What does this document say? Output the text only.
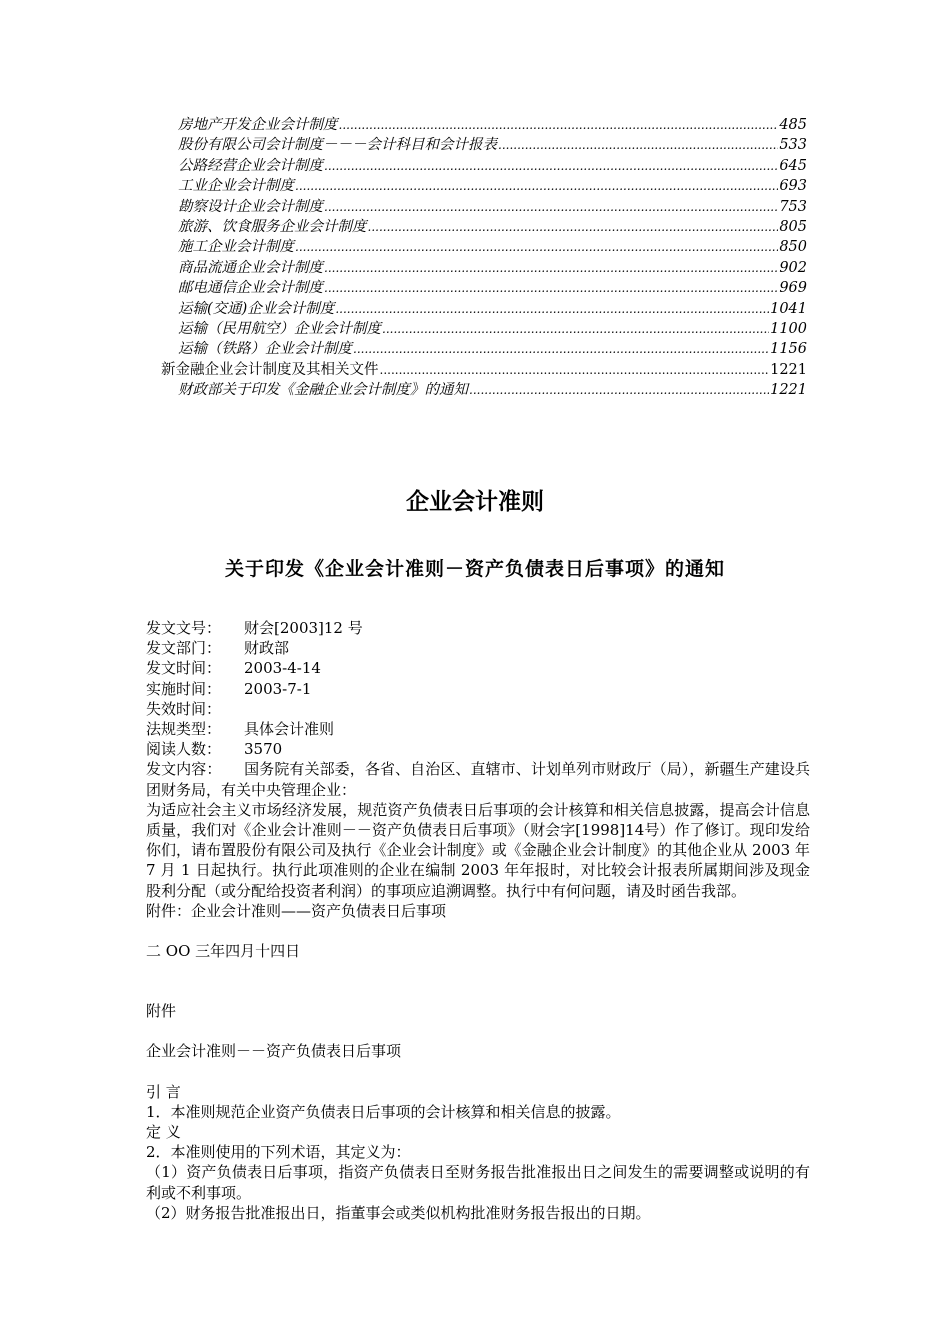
房地产开发企业会计制度 .....	485
股份有限公司会计制度－－－会计科目和会计报表 .....	533
公路经营企业会计制度 .....	645
工业企业会计制度 .....	693
勘察设计企业会计制度 .....	753
旅游、饮食服务企业会计制度 .....	805
施工企业会计制度 .....	850
商品流通企业会计制度 .....	902
邮电通信企业会计制度 .....	969
运输(交通)企业会计制度 .....	1041
运输（民用航空）企业会计制度 .....	1100
运输（铁路）企业会计制度 .....	1156
新金融企业会计制度及其相关文件 .....	1221
财政部关于印发《金融企业会计制度》的通知 .....	1221
企业会计准则
关于印发《企业会计准则－资产负债表日后事项》的通知
发文文号：	财会[2003]12 号
发文部门：	财政部
发文时间：	2003-4-14
实施时间：	2003-7-1
失效时间：
法规类型：	具体会计准则
阅读人数：	3570
发文内容：　　国务院有关部委，各省、自治区、直辖市、计划单列市财政厅（局），新疆生产建设兵团财务局，有关中央管理企业：
为适应社会主义市场经济发展，规范资产负债表日后事项的会计核算和相关信息披露，提高会计信息质量，我们对《企业会计准则－－资产负债表日后事项》（财会字[1998]14号）作了修订。现印发给你们，请布置股份有限公司及执行《企业会计制度》或《金融企业会计制度》的其他企业从 2003 年 7 月 1 日起执行。执行此项准则的企业在编制 2003 年年报时，对比较会计报表所属期间涉及现金股利分配（或分配给投资者利润）的事项应追溯调整。执行中有何问题，请及时函告我部。
附件：企业会计准则——资产负债表日后事项
二 OO 三年四月十四日
附件
企业会计准则－－资产负债表日后事项
引 言
1．本准则规范企业资产负债表日后事项的会计核算和相关信息的披露。
定 义
2．本准则使用的下列术语，其定义为：
（1）资产负债表日后事项，指资产负债表日至财务报告批准报出日之间发生的需要调整或说明的有利或不利事项。
（2）财务报告批准报出日，指董事会或类似机构批准财务报告报出的日期。
